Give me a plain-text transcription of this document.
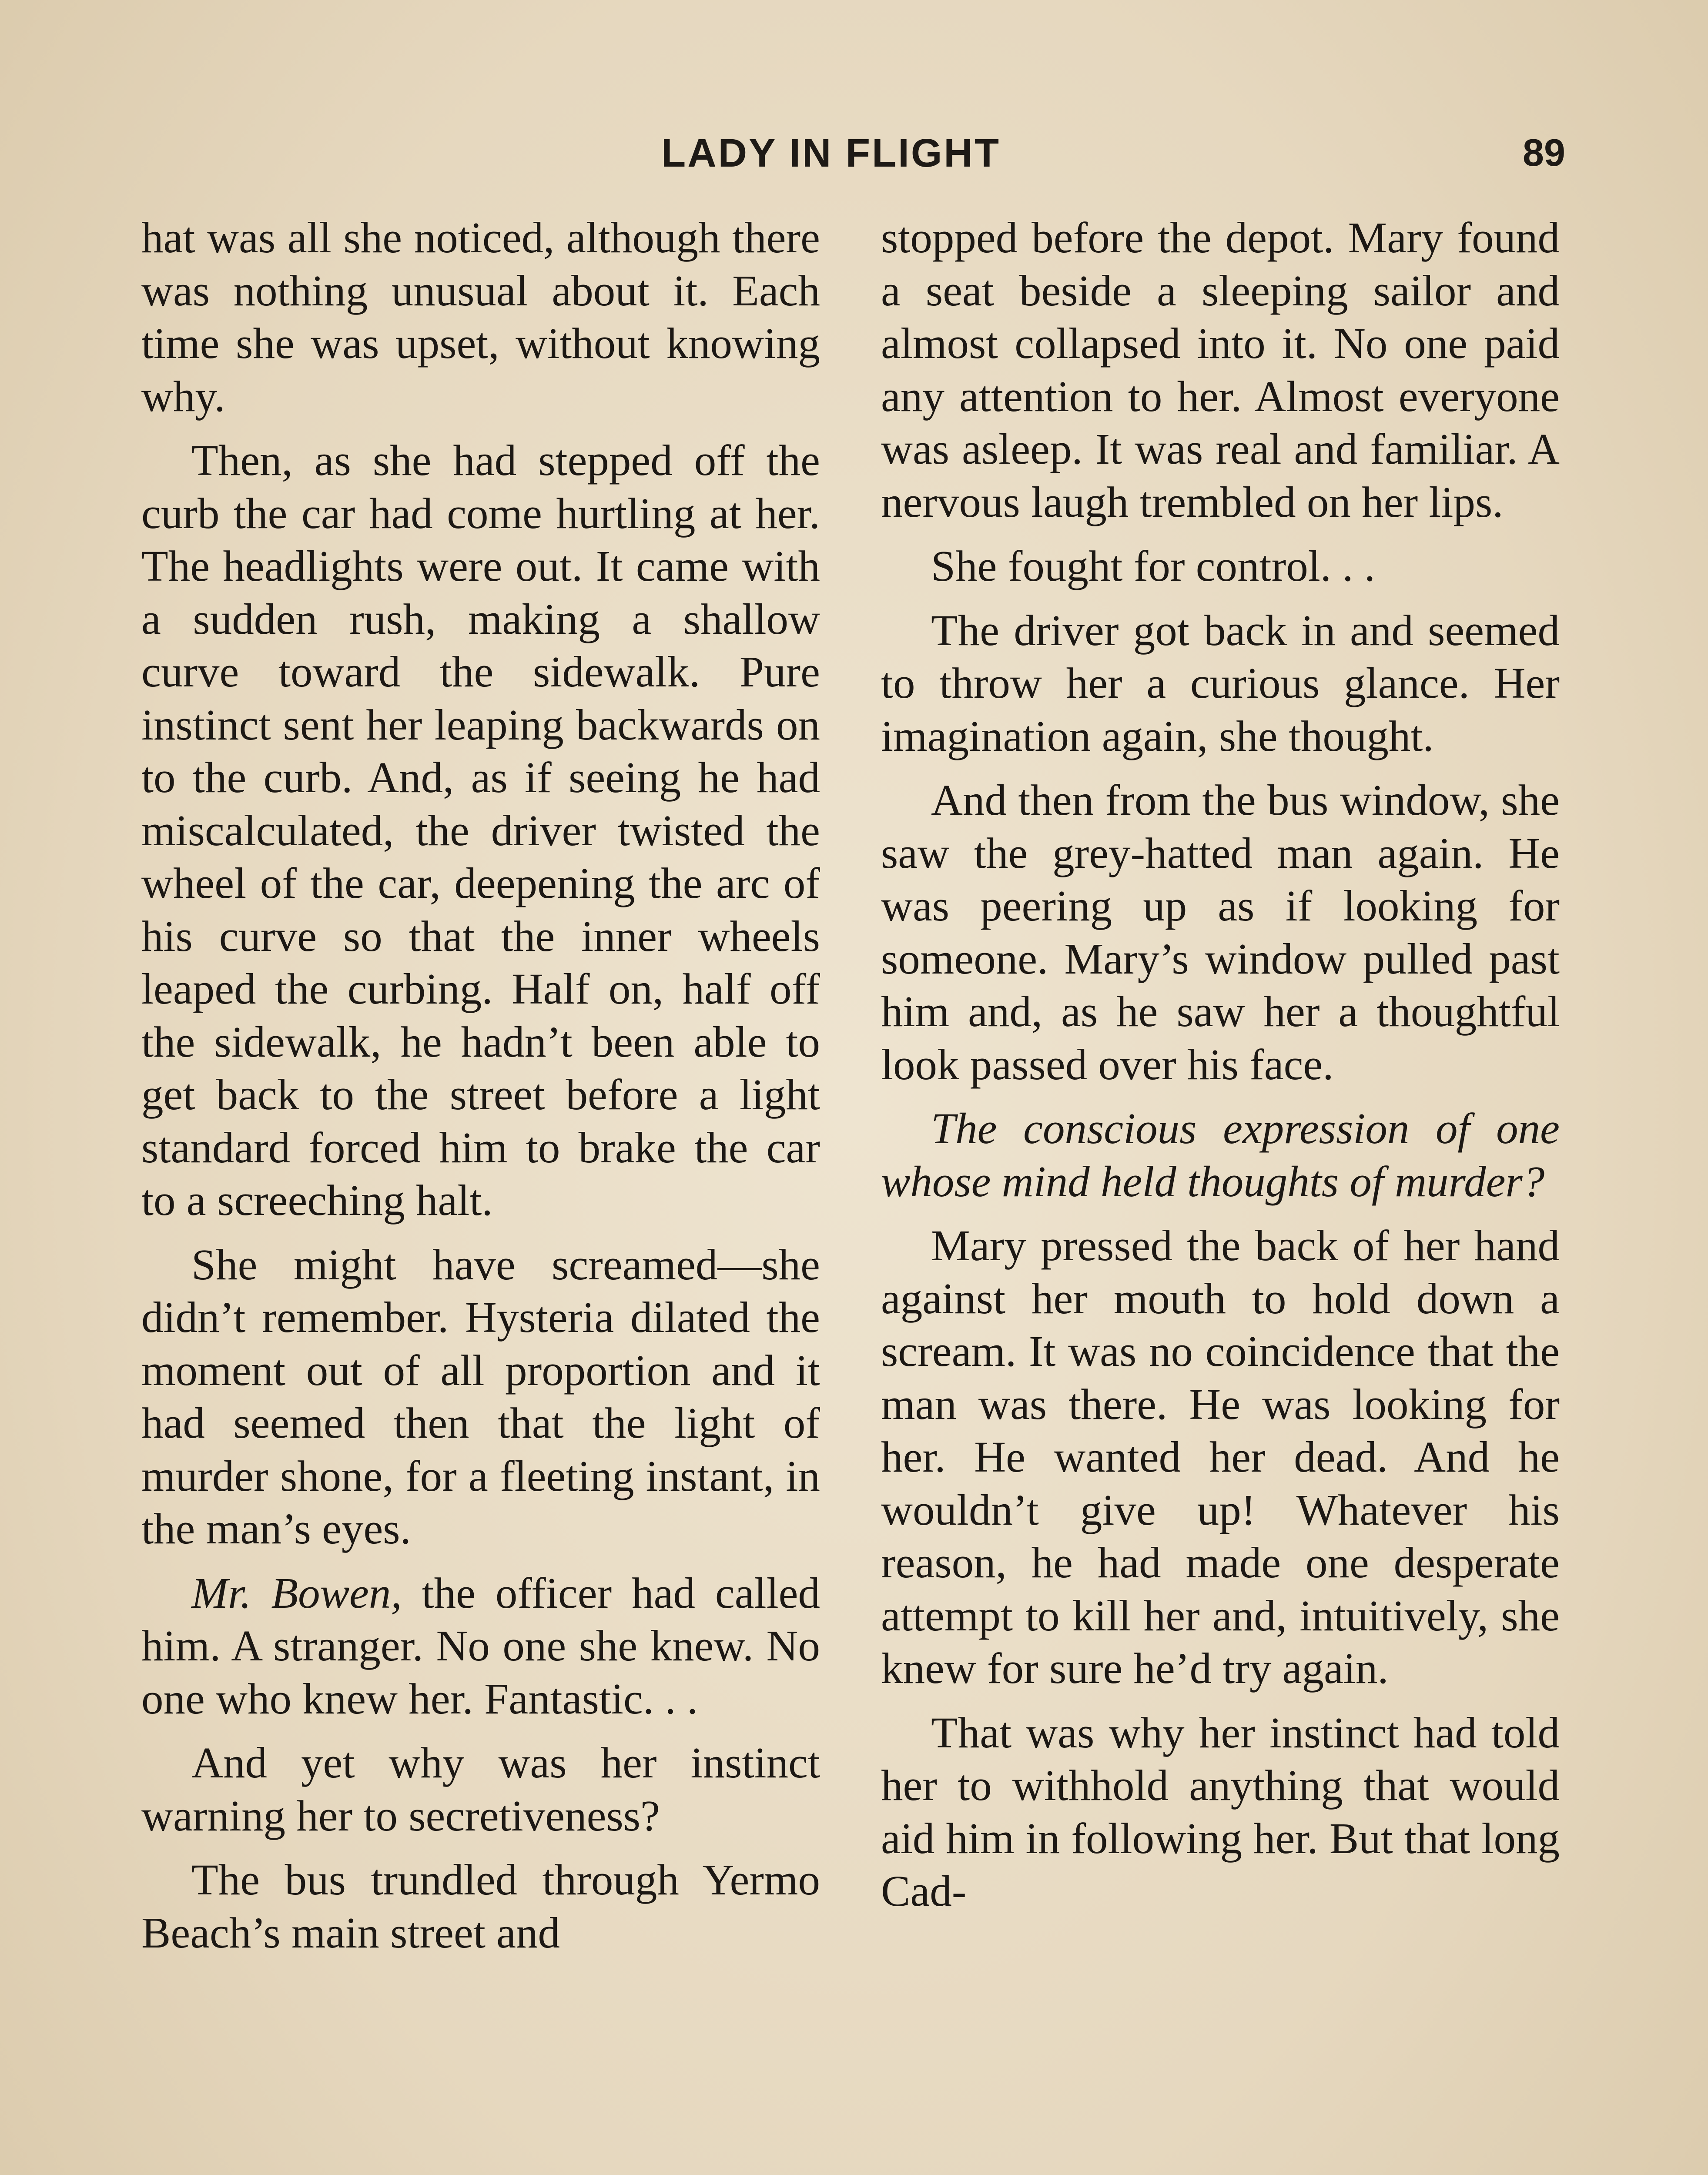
LADY IN FLIGHT	89

hat was all she noticed, although there was nothing unusual about it. Each time she was upset, without knowing why.

Then, as she had stepped off the curb the car had come hurtling at her. The headlights were out. It came with a sudden rush, making a shallow curve toward the sidewalk. Pure instinct sent her leaping backwards on to the curb. And, as if seeing he had miscalculated, the driver twisted the wheel of the car, deepening the arc of his curve so that the inner wheels leaped the curbing. Half on, half off the sidewalk, he hadn’t been able to get back to the street before a light standard forced him to brake the car to a screeching halt.

She might have screamed—she didn’t remember. Hysteria dilated the moment out of all proportion and it had seemed then that the light of murder shone, for a fleeting instant, in the man’s eyes.

Mr. Bowen, the officer had called him. A stranger. No one she knew. No one who knew her. Fantastic. . .

And yet why was her instinct warning her to secretiveness?

The bus trundled through Yermo Beach’s main street and

stopped before the depot. Mary found a seat beside a sleeping sailor and almost collapsed into it. No one paid any attention to her. Almost everyone was asleep. It was real and familiar. A nervous laugh trembled on her lips.

She fought for control. . .

The driver got back in and seemed to throw her a curious glance. Her imagination again, she thought.

And then from the bus window, she saw the grey-hatted man again. He was peering up as if looking for someone. Mary’s window pulled past him and, as he saw her a thoughtful look passed over his face.

The conscious expression of one whose mind held thoughts of murder?

Mary pressed the back of her hand against her mouth to hold down a scream. It was no coincidence that the man was there. He was looking for her. He wanted her dead. And he wouldn’t give up! Whatever his reason, he had made one desperate attempt to kill her and, intuitively, she knew for sure he’d try again.

That was why her instinct had told her to withhold anything that would aid him in following her. But that long Cad-
